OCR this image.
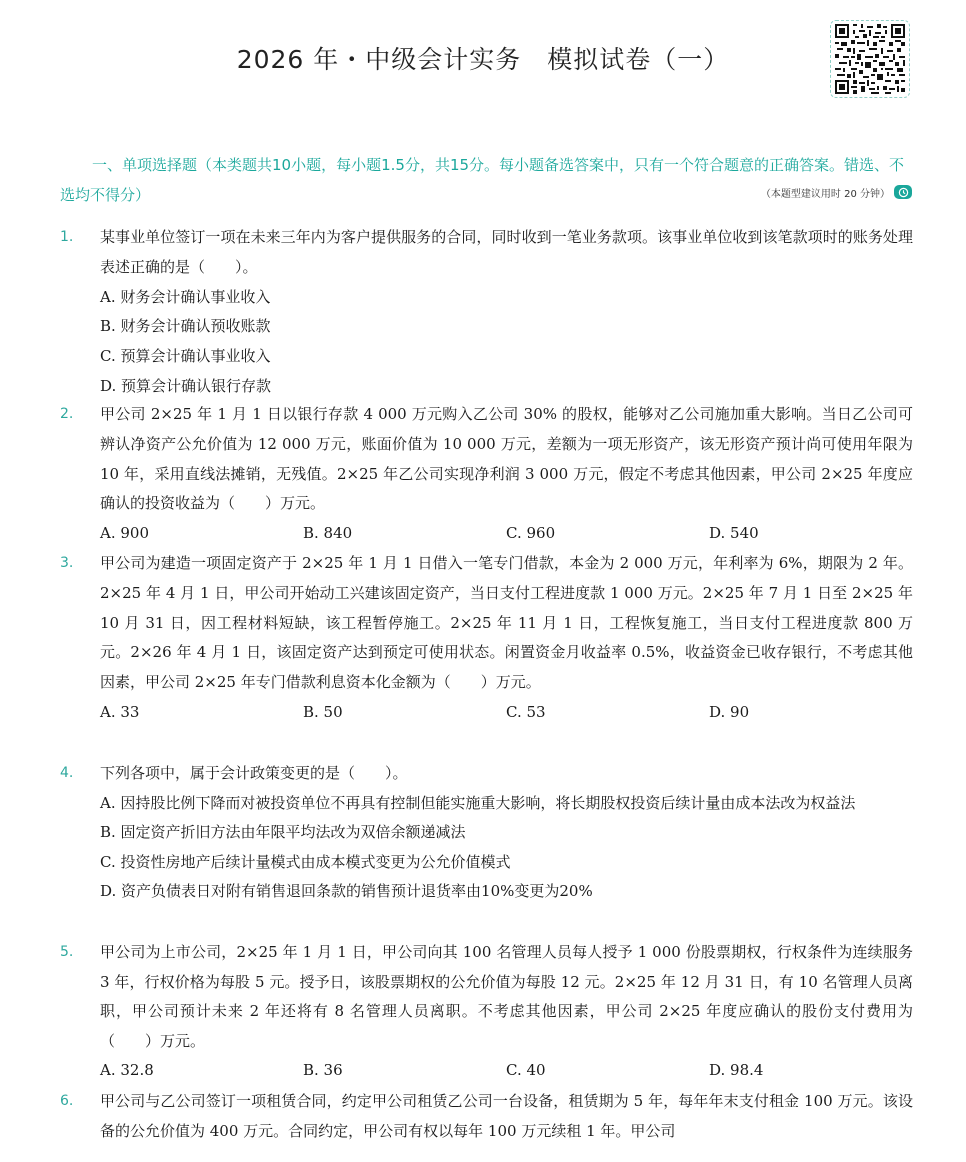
2026 年・中级会计实务　模拟试卷（一）
一、单项选择题（本类题共10小题，每小题1.5分，共15分。每小题备选答案中，只有一个符合题意的正确答案。错选、不选均不得分）	（本题型建议用时 20 分钟）
1.	某事业单位签订一项在未来三年内为客户提供服务的合同，同时收到一笔业务款项。该事业单位收到该笔款项时的账务处理表述正确的是（　　）。
A. 财务会计确认事业收入
B. 财务会计确认预收账款
C. 预算会计确认事业收入
D. 预算会计确认银行存款
2.	甲公司 2×25 年 1 月 1 日以银行存款 4 000 万元购入乙公司 30% 的股权，能够对乙公司施加重大影响。当日乙公司可辨认净资产公允价值为 12 000 万元，账面价值为 10 000 万元，差额为一项无形资产，该无形资产预计尚可使用年限为 10 年，采用直线法摊销，无残值。2×25 年乙公司实现净利润 3 000 万元，假定不考虑其他因素，甲公司 2×25 年度应确认的投资收益为（　　）万元。
A. 900	B. 840	C. 960	D. 540
3.	甲公司为建造一项固定资产于 2×25 年 1 月 1 日借入一笔专门借款，本金为 2 000 万元，年利率为 6%，期限为 2 年。2×25 年 4 月 1 日，甲公司开始动工兴建该固定资产，当日支付工程进度款 1 000 万元。2×25 年 7 月 1 日至 2×25 年 10 月 31 日，因工程材料短缺，该工程暂停施工。2×25 年 11 月 1 日，工程恢复施工，当日支付工程进度款 800 万元。2×26 年 4 月 1 日，该固定资产达到预定可使用状态。闲置资金月收益率 0.5%，收益资金已收存银行，不考虑其他因素，甲公司 2×25 年专门借款利息资本化金额为（　　）万元。
A. 33	B. 50	C. 53	D. 90
4.	下列各项中，属于会计政策变更的是（　　）。
A. 因持股比例下降而对被投资单位不再具有控制但能实施重大影响，将长期股权投资后续计量由成本法改为权益法
B. 固定资产折旧方法由年限平均法改为双倍余额递减法
C. 投资性房地产后续计量模式由成本模式变更为公允价值模式
D. 资产负债表日对附有销售退回条款的销售预计退货率由10%变更为20%
5.	甲公司为上市公司，2×25 年 1 月 1 日，甲公司向其 100 名管理人员每人授予 1 000 份股票期权，行权条件为连续服务 3 年，行权价格为每股 5 元。授予日，该股票期权的公允价值为每股 12 元。2×25 年 12 月 31 日，有 10 名管理人员离职，甲公司预计未来 2 年还将有 8 名管理人员离职。不考虑其他因素，甲公司 2×25 年度应确认的股份支付费用为（　　）万元。
A. 32.8	B. 36	C. 40	D. 98.4
6.	甲公司与乙公司签订一项租赁合同，约定甲公司租赁乙公司一台设备，租赁期为 5 年，每年年末支付租金 100 万元。该设备的公允价值为 400 万元。合同约定，甲公司有权以每年 100 万元续租 1 年。甲公司
